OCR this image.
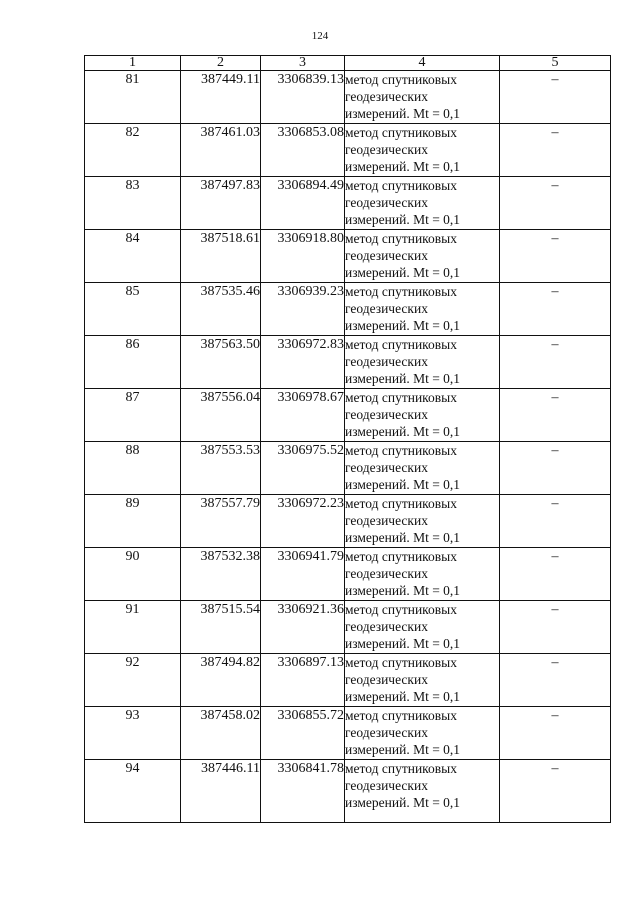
124
1	2	3	4	5
81	387449.11	3306839.13	метод спутниковых
геодезических
измерений. Mt = 0,1	–
82	387461.03	3306853.08	метод спутниковых
геодезических
измерений. Mt = 0,1	–
83	387497.83	3306894.49	метод спутниковых
геодезических
измерений. Mt = 0,1	–
84	387518.61	3306918.80	метод спутниковых
геодезических
измерений. Mt = 0,1	–
85	387535.46	3306939.23	метод спутниковых
геодезических
измерений. Mt = 0,1	–
86	387563.50	3306972.83	метод спутниковых
геодезических
измерений. Mt = 0,1	–
87	387556.04	3306978.67	метод спутниковых
геодезических
измерений. Mt = 0,1	–
88	387553.53	3306975.52	метод спутниковых
геодезических
измерений. Mt = 0,1	–
89	387557.79	3306972.23	метод спутниковых
геодезических
измерений. Mt = 0,1	–
90	387532.38	3306941.79	метод спутниковых
геодезических
измерений. Mt = 0,1	–
91	387515.54	3306921.36	метод спутниковых
геодезических
измерений. Mt = 0,1	–
92	387494.82	3306897.13	метод спутниковых
геодезических
измерений. Mt = 0,1	–
93	387458.02	3306855.72	метод спутниковых
геодезических
измерений. Mt = 0,1	–
94	387446.11	3306841.78	метод спутниковых
геодезических
измерений. Mt = 0,1	–
